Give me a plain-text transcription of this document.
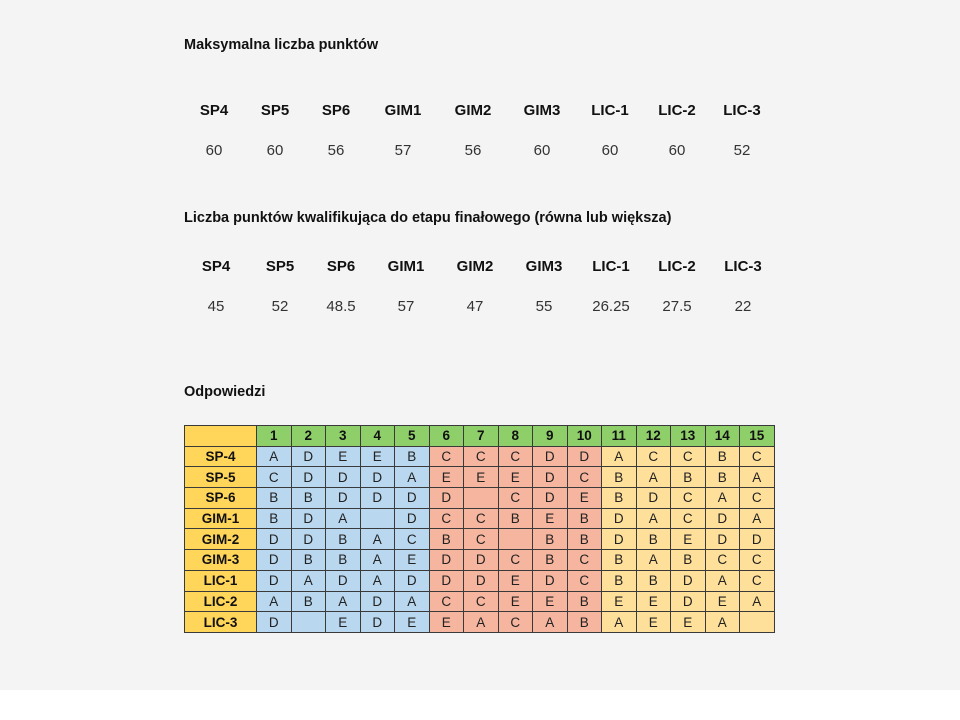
Maksymalna liczba punktów
SP4 SP5 SP6 GIM1 GIM2 GIM3 LIC-1 LIC-2 LIC-3
60	60	56	57	56	60	60	60	52
Liczba punktów kwalifikująca do etapu finałowego (równa lub większa)
SP4 SP5 SP6 GIM1 GIM2 GIM3 LIC-1 LIC-2 LIC-3
45	52	48.5	57	47	55	26.25 27.5	22
Odpowiedzi
	1	2	3	4	5	6	7	8	9	10	11	12	13	14	15
SP-4	A	D	E	E	B	C	C	C	D	D	A	C	C	B	C
SP-5	C	D	D	D	A	E	E	E	D	C	B	A	B	B	A
SP-6	B	B	D	D	D	D		C	D	E	B	D	C	A	C
GIM-1	B	D	A		D	C	C	B	E	B	D	A	C	D	A
GIM-2	D	D	B	A	C	B	C		B	B	D	B	E	D	D
GIM-3	D	B	B	A	E	D	D	C	B	C	B	A	B	C	C
LIC-1	D	A	D	A	D	D	D	E	D	C	B	B	D	A	C
LIC-2	A	B	A	D	A	C	C	E	E	B	E	E	D	E	A
LIC-3	D		E	D	E	E	A	C	A	B	A	E	E	A	
